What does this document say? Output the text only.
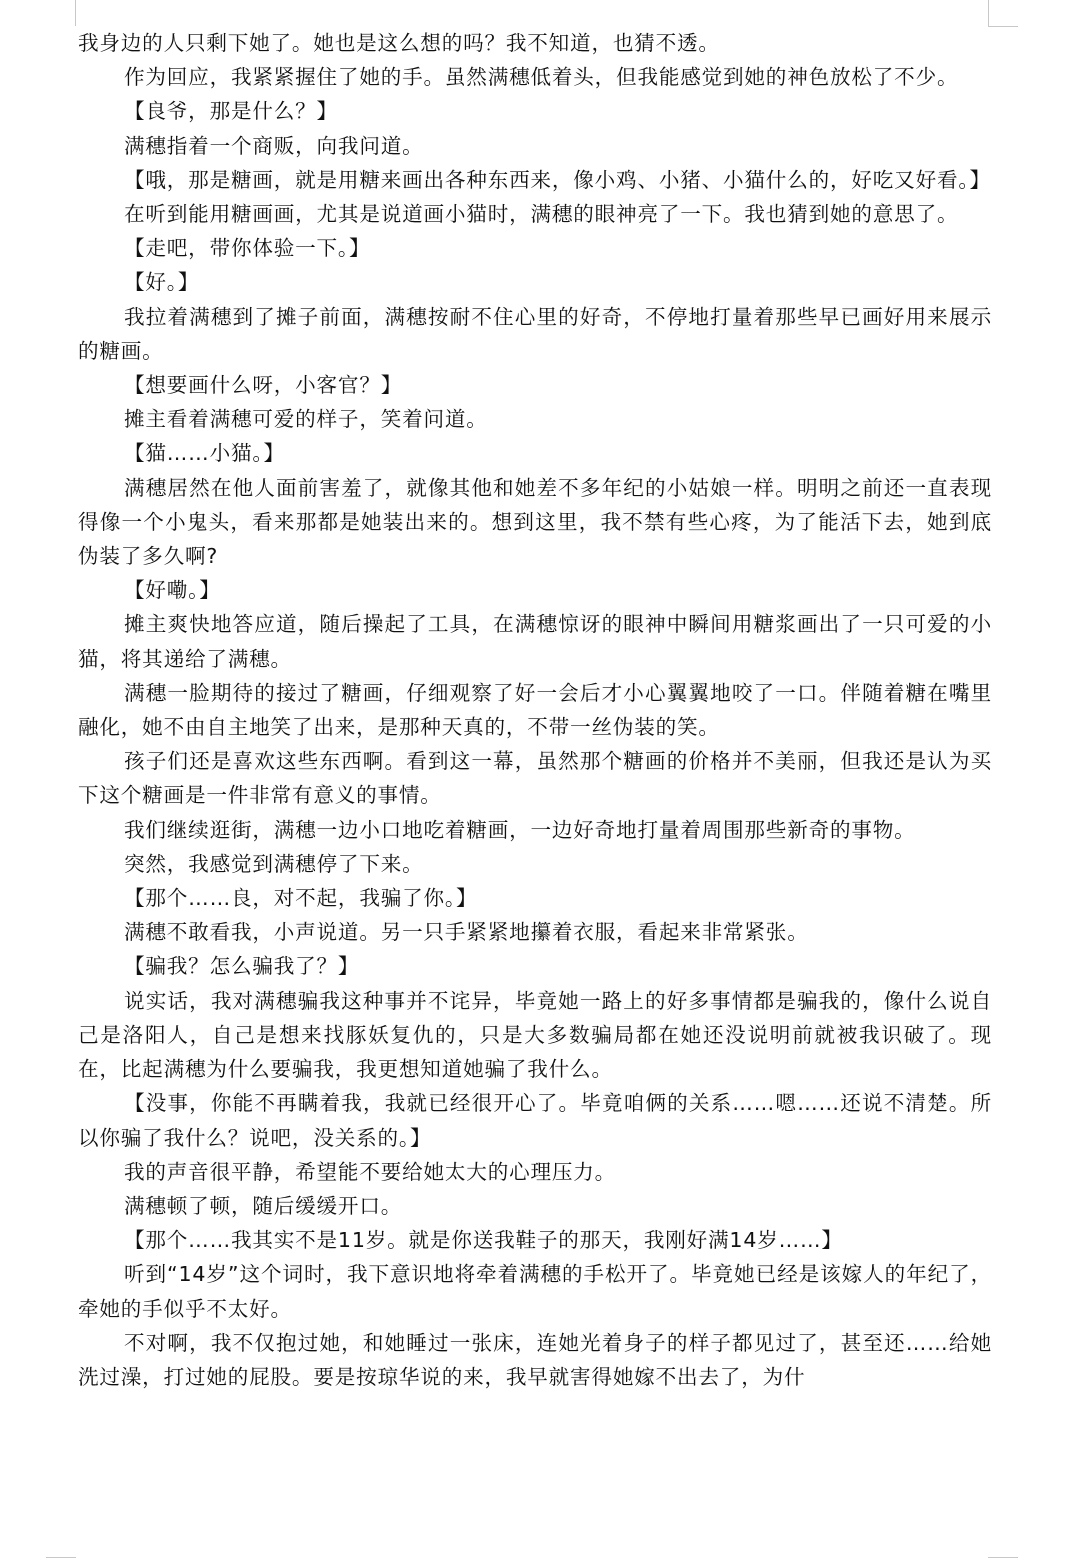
我身边的人只剩下她了。她也是这么想的吗？我不知道，也猜不透。

作为回应，我紧紧握住了她的手。虽然满穗低着头，但我能感觉到她的神色放松了不少。

【良爷，那是什么？】

满穗指着一个商贩，向我问道。

【哦，那是糖画，就是用糖来画出各种东西来，像小鸡、小猪、小猫什么的，好吃又好看。】

在听到能用糖画画，尤其是说道画小猫时，满穗的眼神亮了一下。我也猜到她的意思了。

【走吧，带你体验一下。】

【好。】

我拉着满穗到了摊子前面，满穗按耐不住心里的好奇，不停地打量着那些早已画好用来展示的糖画。

【想要画什么呀，小客官？】

摊主看着满穗可爱的样子，笑着问道。

【猫……小猫。】

满穗居然在他人面前害羞了，就像其他和她差不多年纪的小姑娘一样。明明之前还一直表现得像一个小鬼头，看来那都是她装出来的。想到这里，我不禁有些心疼，为了能活下去，她到底伪装了多久啊?

【好嘞。】

摊主爽快地答应道，随后操起了工具，在满穗惊讶的眼神中瞬间用糖浆画出了一只可爱的小猫，将其递给了满穗。

满穗一脸期待的接过了糖画，仔细观察了好一会后才小心翼翼地咬了一口。伴随着糖在嘴里融化，她不由自主地笑了出来，是那种天真的，不带一丝伪装的笑。

孩子们还是喜欢这些东西啊。看到这一幕，虽然那个糖画的价格并不美丽，但我还是认为买下这个糖画是一件非常有意义的事情。

我们继续逛街，满穗一边小口地吃着糖画，一边好奇地打量着周围那些新奇的事物。

突然，我感觉到满穗停了下来。

【那个……良，对不起，我骗了你。】

满穗不敢看我，小声说道。另一只手紧紧地攥着衣服，看起来非常紧张。

【骗我？怎么骗我了？】

说实话，我对满穗骗我这种事并不诧异，毕竟她一路上的好多事情都是骗我的，像什么说自己是洛阳人，自己是想来找豚妖复仇的，只是大多数骗局都在她还没说明前就被我识破了。现在，比起满穗为什么要骗我，我更想知道她骗了我什么。

【没事，你能不再瞒着我，我就已经很开心了。毕竟咱俩的关系……嗯……还说不清楚。所以你骗了我什么？说吧，没关系的。】

我的声音很平静，希望能不要给她太大的心理压力。

满穗顿了顿，随后缓缓开口。

【那个……我其实不是11岁。就是你送我鞋子的那天，我刚好满14岁……】

听到“14岁”这个词时，我下意识地将牵着满穗的手松开了。毕竟她已经是该嫁人的年纪了，牵她的手似乎不太好。

不对啊，我不仅抱过她，和她睡过一张床，连她光着身子的样子都见过了，甚至还……给她洗过澡，打过她的屁股。要是按琼华说的来，我早就害得她嫁不出去了，为什
